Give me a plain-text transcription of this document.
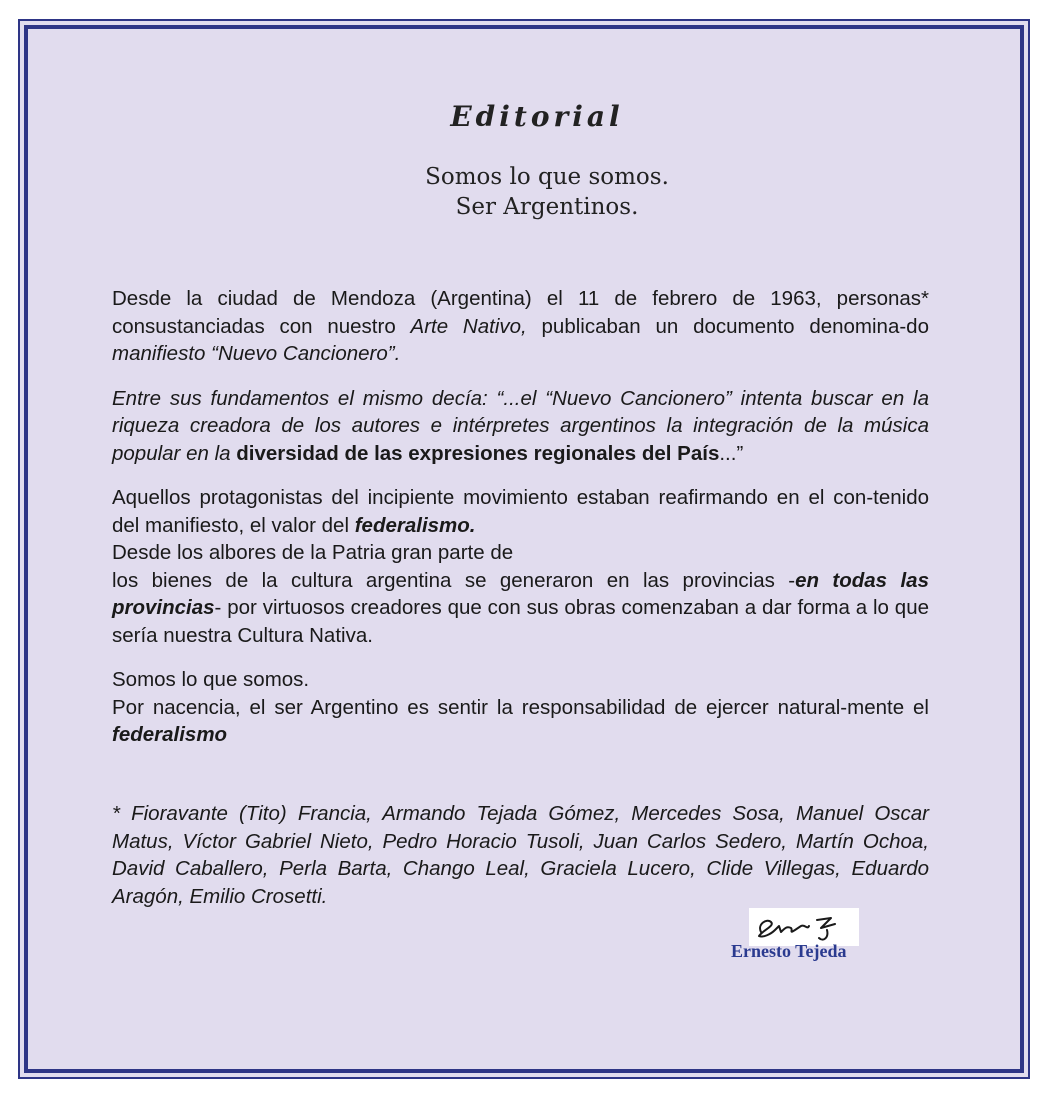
Editorial
Somos lo que somos.
Ser Argentinos.

Desde la ciudad de Mendoza (Argentina) el 11 de febrero de 1963, personas* consustanciadas con nuestro Arte Nativo, publicaban un documento denomina-do manifiesto “Nuevo Cancionero”.

Entre sus fundamentos el mismo decía: “...el “Nuevo Cancionero” intenta buscar en la riqueza creadora de los autores e intérpretes argentinos la integración de la música popular en la diversidad de las expresiones regionales del País...”

Aquellos protagonistas del incipiente movimiento estaban reafirmando en el con-tenido del manifiesto, el valor del federalismo.

Desde los albores de la Patria gran parte de
los bienes de la cultura argentina se generaron en las provincias -en todas las provincias- por virtuosos creadores que con sus obras comenzaban a dar forma a lo que sería nuestra Cultura Nativa.

Somos lo que somos.
Por nacencia, el ser Argentino es sentir la responsabilidad de ejercer natural-mente el federalismo

* Fioravante (Tito) Francia, Armando Tejada Gómez, Mercedes Sosa, Manuel Oscar Matus, Víctor Gabriel Nieto, Pedro Horacio Tusoli, Juan Carlos Sedero, Martín Ochoa, David Caballero, Perla Barta, Chango Leal, Graciela Lucero, Clide Villegas, Eduardo Aragón, Emilio Crosetti.

Ernesto Tejeda
